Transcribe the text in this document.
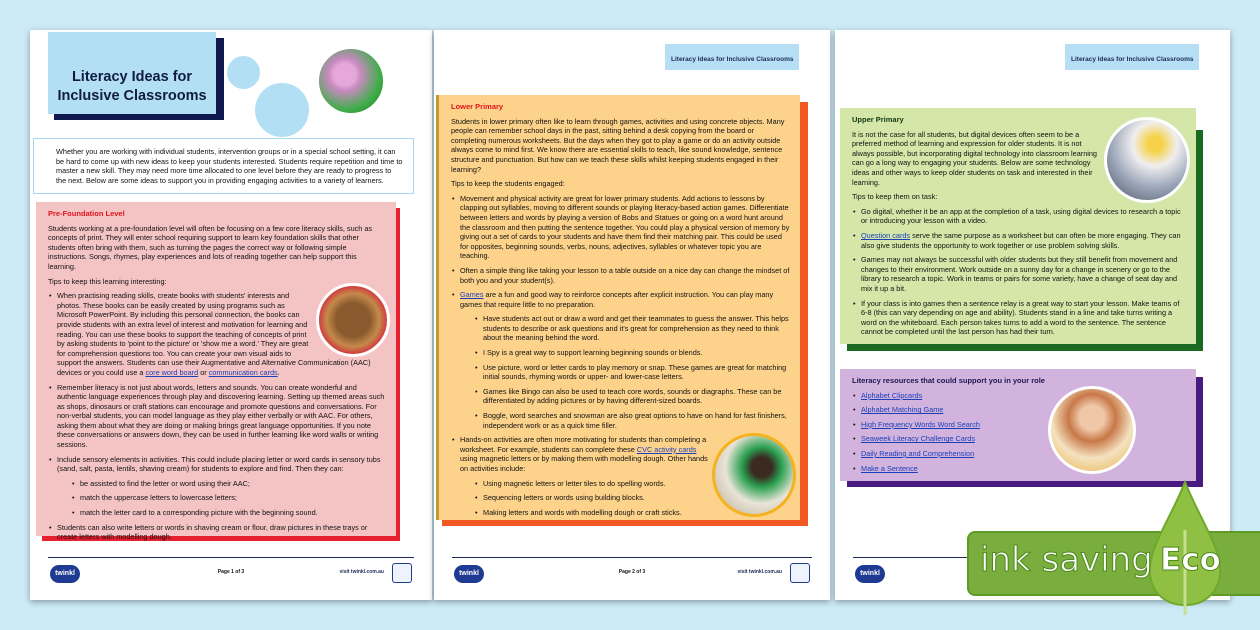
Literacy Ideas for
Inclusive Classrooms

Whether you are working with individual students, intervention groups or in a special school setting, it can be hard to come up with new ideas to keep your students interested. Students require repetition and time to master a new skill. They may need more time allocated to one level before they are ready to progress to the next. Below are some ideas to support you in providing engaging activities to a variety of learners.

Pre-Foundation Level

Students working at a pre-foundation level will often be focusing on a few core literacy skills, such as concepts of print. They will enter school requiring support to learn key foundation skills that other students often bring with them, such as turning the pages the correct way or following simple instructions. Songs, rhymes, play experiences and lots of reading together can help support this learning.

Tips to keep this learning interesting:

• When practising reading skills, create books with students' interests and photos. These books can be easily created by using programs such as Microsoft PowerPoint. By including this personal connection, the books can provide students with an extra level of interest and motivation for learning and reading. You can use these books to support the teaching of concepts of print by asking students to 'point to the picture' or 'show me a word.' They are great for comprehension questions too. You can create your own visual aids to support the answers. Students can use their Augmentative and Alternative Communication (AAC) devices or you could use a core word board or communication cards.
• Remember literacy is not just about words, letters and sounds. You can create wonderful and authentic language experiences through play and discovering learning. Setting up themed areas such as shops, dinosaurs or craft stations can encourage and promote questions and conversations. For non-verbal students, you can model language as they play either verbally or with AAC. For others, asking them about what they are doing or making brings great language opportunities. If you note these conversations or answers down, they can be used in further learning like word walls or writing sessions.
• Include sensory elements in activities. This could include placing letter or word cards in sensory tubs (sand, salt, pasta, lentils, shaving cream) for students to explore and find. Then they can:
• be assisted to find the letter or word using their AAC;
• match the uppercase letters to lowercase letters;
• match the letter card to a corresponding picture with the beginning sound.
• Students can also write letters or words in shaving cream or flour, draw pictures in these trays or create letters with modelling dough.
twinkl	Page 1 of 3	visit twinkl.com.au
Literacy Ideas for Inclusive Classrooms
Lower Primary

Students in lower primary often like to learn through games, activities and using concrete objects. Many people can remember school days in the past, sitting behind a desk copying from the board or completing numerous worksheets. But the days when they got to play a game or do an activity outside always come to mind first. We know there are essential skills to teach, like sound knowledge, sentence structure and punctuation. But how can we teach these skills whilst keeping students engaged in their learning?

Tips to keep the students engaged:

• Movement and physical activity are great for lower primary students. Add actions to lessons by clapping out syllables, moving to different sounds or playing literacy-based action games. Differentiate between letters and words by playing a version of Bobs and Statues or going on a word hunt around the classroom and then putting the sentence together. You could play a physical version of memory by giving out a set of cards to your students and have them find their matching pair. This could be used for opposites, beginning sounds, verbs, nouns, adjectives, syllables or whatever topic you are teaching.
• Often a simple thing like taking your lesson to a table outside on a nice day can change the mindset of both you and your student(s).
• Games are a fun and good way to reinforce concepts after explicit instruction. You can play many games that require little to no preparation.
• Have students act out or draw a word and get their teammates to guess the answer. This helps students to describe or ask questions and it's great for comprehension as they need to think about the meaning behind the word.
• I Spy is a great way to support learning beginning sounds or blends.
• Use picture, word or letter cards to play memory or snap. These games are great for matching initial sounds, rhyming words or upper- and lower-case letters.
• Games like Bingo can also be used to teach core words, sounds or diagraphs. These can be differentiated by adding pictures or by having different-sized boards.
• Boggle, word searches and snowman are also great options to have on hand for fast finishers, independent work or as a quick time filler.
• Hands-on activities are often more motivating for students than completing a worksheet. For example, students can complete these CVC activity cards using magnetic letters or by making them with modelling dough. Other hands on activities include:
• Using magnetic letters or letter tiles to do spelling words.
• Sequencing letters or words using building blocks.
• Making letters and words with modelling dough or craft sticks.
twinkl	Page 2 of 3	visit twinkl.com.au
Literacy Ideas for Inclusive Classrooms
Upper Primary

It is not the case for all students, but digital devices often seem to be a preferred method of learning and expression for older students. It is not always possible, but incorporating digital technology into classroom learning can go a long way to engaging your students. Below are some technology ideas and other ways to keep older students on task and interested in their learning.

Tips to keep them on task:

• Go digital, whether it be an app at the completion of a task, using digital devices to research a topic or introducing your lesson with a video.
• Question cards serve the same purpose as a worksheet but can often be more engaging. They can also give students the opportunity to work together or use problem solving skills.
• Games may not always be successful with older students but they still benefit from movement and changes to their environment. Work outside on a sunny day for a change in scenery or go to the library to research a topic. Work in teams or pairs for some variety, have a change of seat day and mix it up a bit.
• If your class is into games then a sentence relay is a great way to start your lesson. Make teams of 6-8 (this can vary depending on age and ability). Students stand in a line and take turns writing a word on the whiteboard. Each person takes turns to add a word to the sentence. The sentence cannot be completed until the last person has had their turn.
Literacy resources that could support you in your role
• Alphabet Clipcards
• Alphabet Matching Game
• High Frequency Words Word Search
• Seaweek Literacy Challenge Cards
• Daily Reading and Comprehension
• Make a Sentence
twinkl	ink saving Eco
